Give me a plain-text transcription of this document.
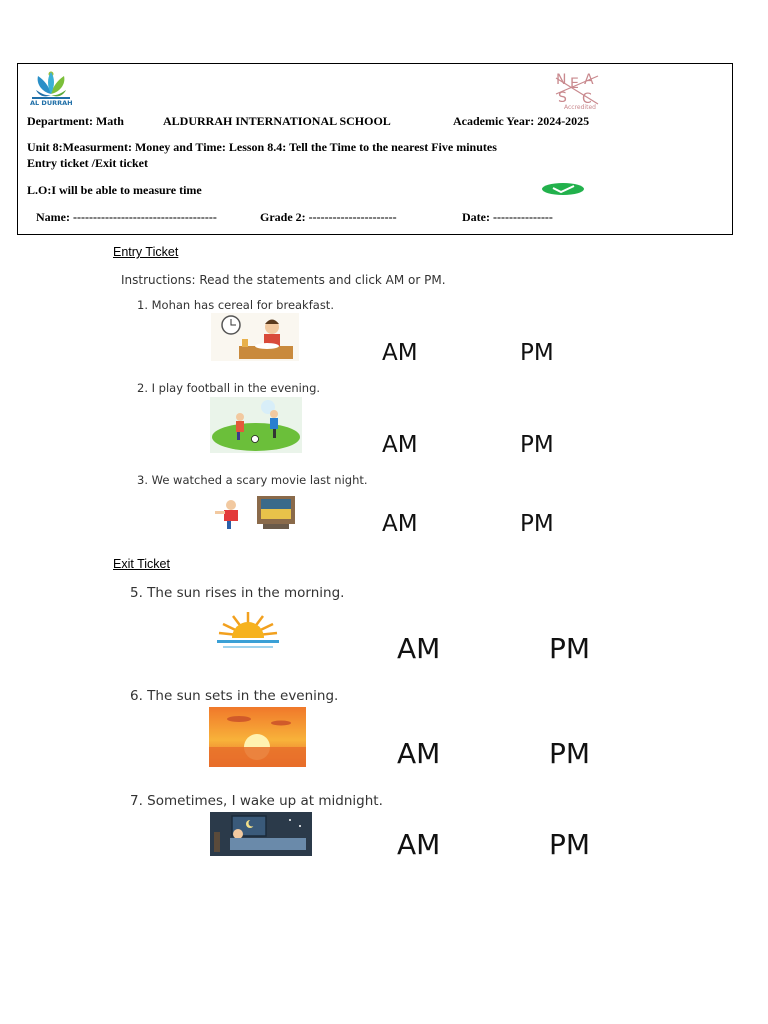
AL DURRAH
N E A
S C
Accredited
NEASC
Department: Math	ALDURRAH INTERNATIONAL SCHOOL	Academic Year: 2024-2025
Unit 8:Measurment: Money and Time: Lesson 8.4: Tell the Time to the nearest Five minutes
Entry ticket /Exit ticket
L.O:I will be able to measure time
Name: ------------------------------------	Grade 2: ----------------------	Date: ---------------
Entry Ticket
Instructions: Read the statements and click AM or PM.
1. Mohan has cereal for breakfast.
AM	PM
2. I play football in the evening.
AM	PM
3. We watched a scary movie last night.
AM	PM
Exit Ticket
5. The sun rises in the morning.
AM	PM
6. The sun sets in the evening.
AM	PM
7. Sometimes, I wake up at midnight.
AM	PM
